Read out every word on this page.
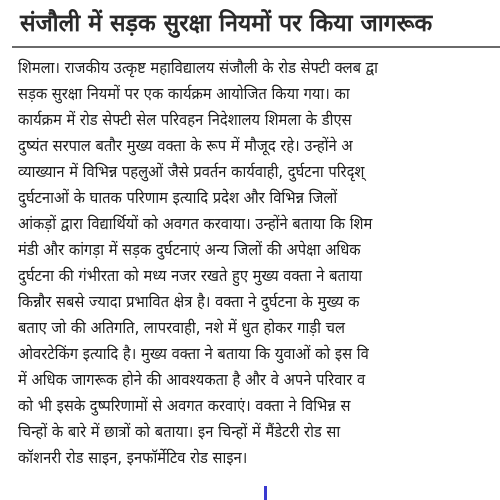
संजौली में सड़क सुरक्षा नियमों पर किया जागरूक
शिमला। राजकीय उत्कृष्ट महाविद्यालय संजौली के रोड सेफ्टी क्लब द्वा
सड़क सुरक्षा नियमों पर एक कार्यक्रम आयोजित किया गया। का
कार्यक्रम में रोड सेफ्टी सेल परिवहन निदेशालय शिमला के डीएस
दुष्यंत सरपाल बतौर मुख्य वक्ता के रूप में मौजूद रहे। उन्होंने अ
व्याख्यान में विभिन्न पहलुओं जैसे प्रवर्तन कार्यवाही, दुर्घटना परिदृश्
दुर्घटनाओं के घातक परिणाम इत्यादि प्रदेश और विभिन्न जिलों
आंकड़ों द्वारा विद्यार्थियों को अवगत करवाया। उन्होंने बताया कि शिम
मंडी और कांगड़ा में सड़क दुर्घटनाएं अन्य जिलों की अपेक्षा अधिक
दुर्घटना की गंभीरता को मध्य नजर रखते हुए मुख्य वक्ता ने बताया
किन्नौर सबसे ज्यादा प्रभावित क्षेत्र है। वक्ता ने दुर्घटना के मुख्य क
बताए जो की अतिगति, लापरवाही, नशे में धुत होकर गाड़ी चल
ओवरटेकिंग इत्यादि है। मुख्य वक्ता ने बताया कि युवाओं को इस वि
में अधिक जागरूक होने की आवश्यकता है और वे अपने परिवार व
को भी इसके दुष्परिणामों से अवगत करवाएं। वक्ता ने विभिन्न स
चिन्हों के बारे में छात्रों को बताया। इन चिन्हों में मैंडेटरी रोड सा
कॉशनरी रोड साइन, इनफॉर्मेटिव रोड साइन।
